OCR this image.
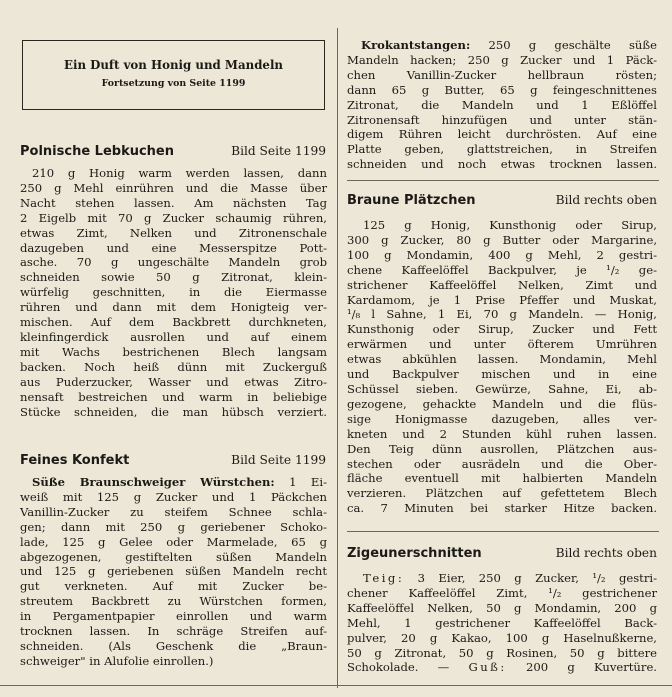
Ein Duft von Honig und Mandeln
Fortsetzung von Seite 1199
Polnische Lebkuchen	Bild Seite 1199
210 g Honig warm werden lassen, dann
250 g Mehl einrühren und die Masse über
Nacht stehen lassen. Am nächsten Tag
2 Eigelb mit 70 g Zucker schaumig rühren,
etwas Zimt, Nelken und Zitronenschale
dazugeben und eine Messerspitze Pott-
asche. 70 g ungeschälte Mandeln grob
schneiden sowie 50 g Zitronat, klein-
würfelig geschnitten, in die Eiermasse
rühren und dann mit dem Honigteig ver-
mischen. Auf dem Backbrett durchkneten,
kleinfingerdick ausrollen und auf einem
mit Wachs bestrichenen Blech langsam
backen. Noch heiß dünn mit Zuckerguß
aus Puderzucker, Wasser und etwas Zitro-
nensaft bestreichen und warm in beliebige
Stücke schneiden, die man hübsch verziert.
Feines Konfekt	Bild Seite 1199
Süße Braunschweiger Würstchen: 1 Ei-
weiß mit 125 g Zucker und 1 Päckchen
Vanillin-Zucker zu steifem Schnee schla-
gen; dann mit 250 g geriebener Schoko-
lade, 125 g Gelee oder Marmelade, 65 g
abgezogenen, gestiftelten süßen Mandeln
und 125 g geriebenen süßen Mandeln recht
gut verkneten. Auf mit Zucker be-
streutem Backbrett zu Würstchen formen,
in Pergamentpapier einrollen und warm
trocknen lassen. In schräge Streifen auf-
schneiden. (Als Geschenk die „Braun-
schweiger" in Alufolie einrollen.)
Krokantstangen: 250 g geschälte süße
Mandeln hacken; 250 g Zucker und 1 Päck-
chen Vanillin-Zucker hellbraun rösten;
dann 65 g Butter, 65 g feingeschnittenes
Zitronat, die Mandeln und 1 Eßlöffel
Zitronensaft hinzufügen und unter stän-
digem Rühren leicht durchrösten. Auf eine
Platte geben, glattstreichen, in Streifen
schneiden und noch etwas trocknen lassen.
Braune Plätzchen	Bild rechts oben
125 g Honig, Kunsthonig oder Sirup,
300 g Zucker, 80 g Butter oder Margarine,
100 g Mondamin, 400 g Mehl, 2 gestri-
chene Kaffeelöffel Backpulver, je ¹/₂ ge-
strichener Kaffeelöffel Nelken, Zimt und
Kardamom, je 1 Prise Pfeffer und Muskat,
¹/₈ l Sahne, 1 Ei, 70 g Mandeln. — Honig,
Kunsthonig oder Sirup, Zucker und Fett
erwärmen und unter öfterem Umrühren
etwas abkühlen lassen. Mondamin, Mehl
und Backpulver mischen und in eine
Schüssel sieben. Gewürze, Sahne, Ei, ab-
gezogene, gehackte Mandeln und die flüs-
sige Honigmasse dazugeben, alles ver-
kneten und 2 Stunden kühl ruhen lassen.
Den Teig dünn ausrollen, Plätzchen aus-
stechen oder ausrädeln und die Ober-
fläche eventuell mit halbierten Mandeln
verzieren. Plätzchen auf gefettetem Blech
ca. 7 Minuten bei starker Hitze backen.
Zigeunerschnitten	Bild rechts oben
Teig: 3 Eier, 250 g Zucker, ¹/₂ gestri-
chener Kaffeelöffel Zimt, ¹/₂ gestrichener
Kaffeelöffel Nelken, 50 g Mondamin, 200 g
Mehl, 1 gestrichener Kaffeelöffel Back-
pulver, 20 g Kakao, 100 g Haselnußkerne,
50 g Zitronat, 50 g Rosinen, 50 g bittere
Schokolade. — Guß: 200 g Kuvertüre.
